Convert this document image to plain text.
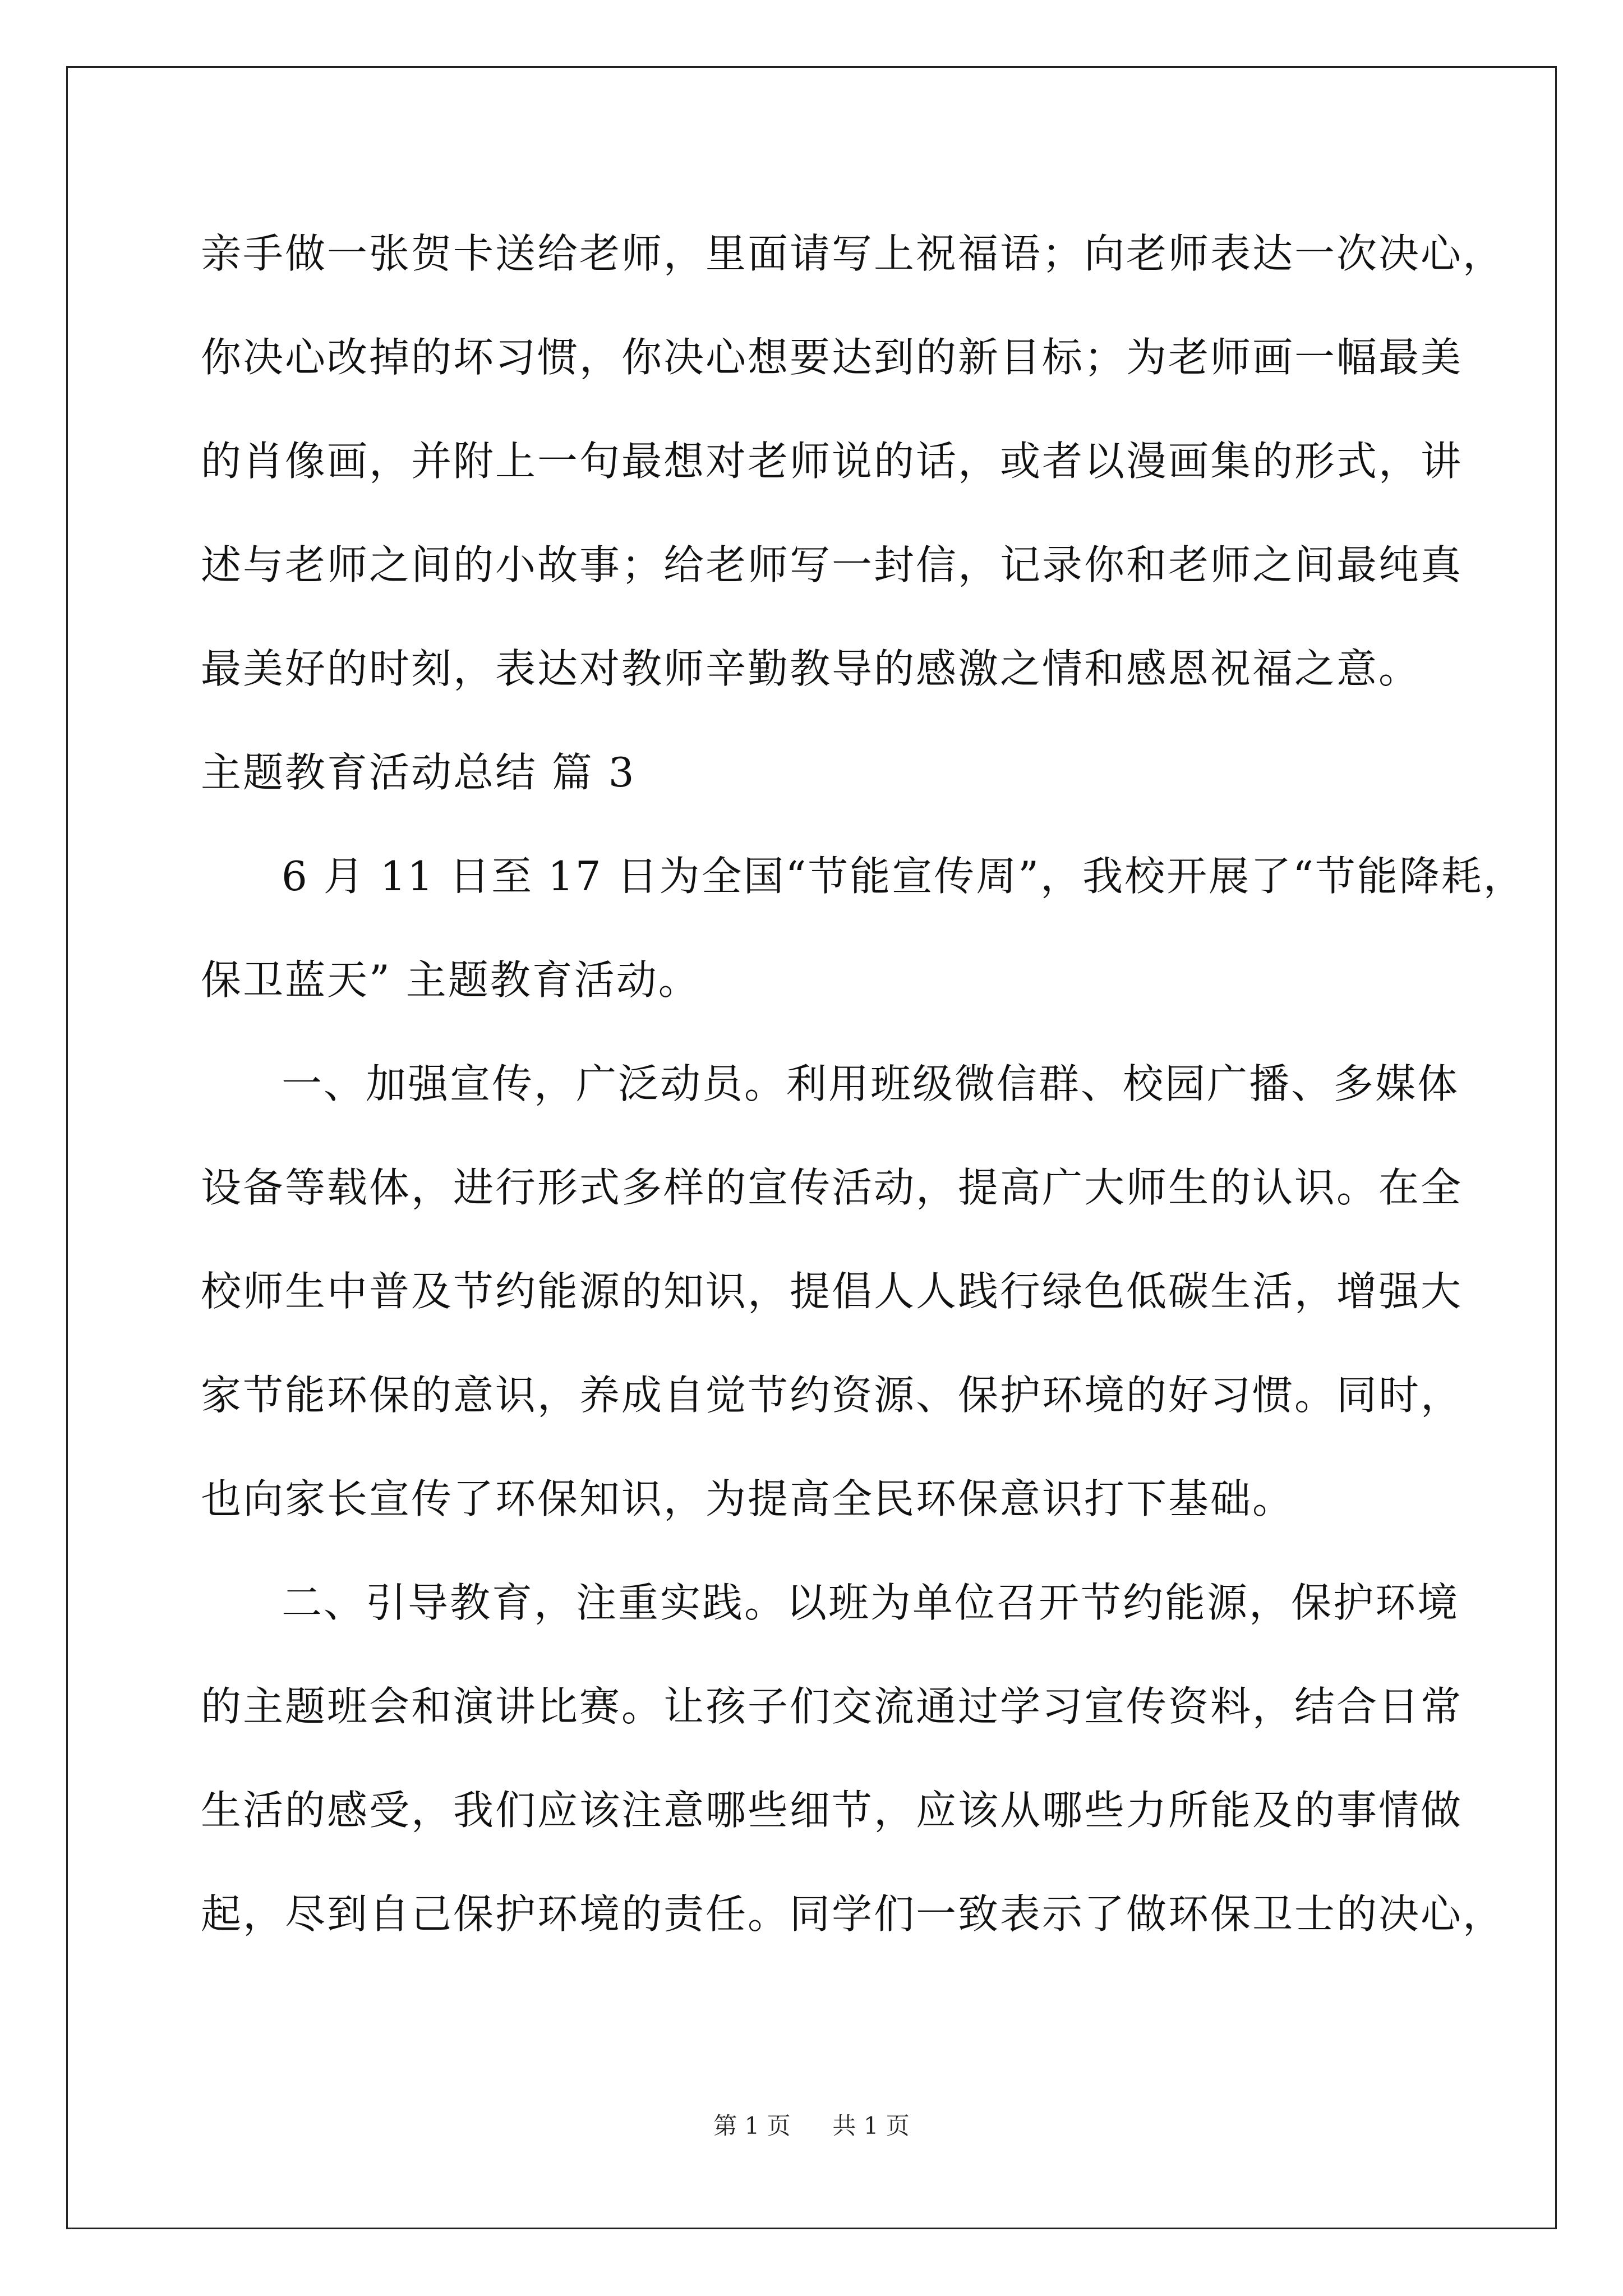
亲手做一张贺卡送给老师，里面请写上祝福语；向老师表达一次决心，
你决心改掉的坏习惯，你决心想要达到的新目标；为老师画一幅最美
的肖像画，并附上一句最想对老师说的话，或者以漫画集的形式，讲
述与老师之间的小故事；给老师写一封信，记录你和老师之间最纯真
最美好的时刻，表达对教师辛勤教导的感激之情和感恩祝福之意。
主题教育活动总结 篇 3
6 月 11 日至 17 日为全国“节能宣传周”，我校开展了“节能降耗，
保卫蓝天” 主题教育活动。
一、加强宣传，广泛动员。利用班级微信群、校园广播、多媒体
设备等载体，进行形式多样的宣传活动，提高广大师生的认识。在全
校师生中普及节约能源的知识，提倡人人践行绿色低碳生活，增强大
家节能环保的意识，养成自觉节约资源、保护环境的好习惯。同时，
也向家长宣传了环保知识，为提高全民环保意识打下基础。
二、引导教育，注重实践。以班为单位召开节约能源，保护环境
的主题班会和演讲比赛。让孩子们交流通过学习宣传资料，结合日常
生活的感受，我们应该注意哪些细节，应该从哪些力所能及的事情做
起，尽到自己保护环境的责任。同学们一致表示了做环保卫士的决心，
第 1 页 共 1 页
